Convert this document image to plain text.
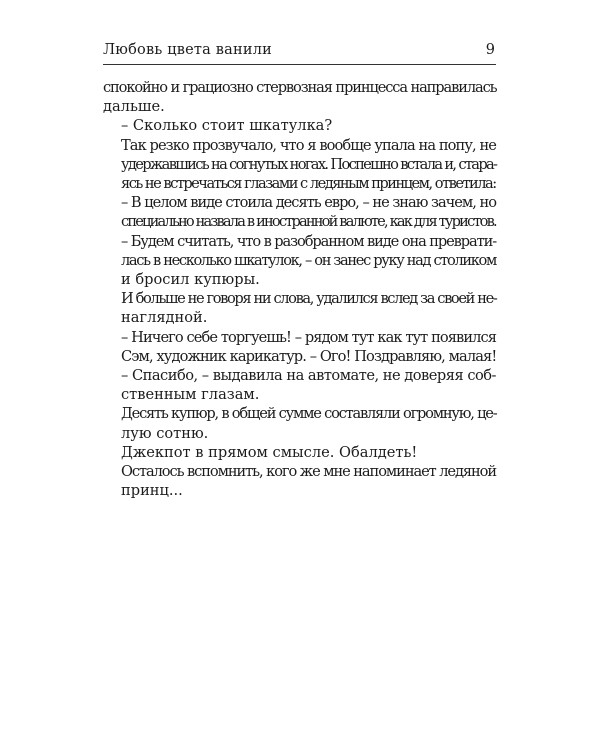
Любовь цвета ванили	9

спокойно и грациозно стервозная принцесса направилась
дальше.

– Сколько стоит шкатулка?

Так резко прозвучало, что я вообще упала на попу, не
удержавшись на согнутых ногах. Поспешно встала и, стара-
ясь не встречаться глазами с ледяным принцем, ответила:

– В целом виде стоила десять евро, – не знаю зачем, но
специально назвала в иностранной валюте, как для туристов.

– Будем считать, что в разобранном виде она преврати-
лась в несколько шкатулок, – он занес руку над столиком
и бросил купюры.

И больше не говоря ни слова, удалился вслед за своей не-
наглядной.

– Ничего себе торгуешь! – рядом тут как тут появился
Сэм, художник карикатур. – Ого! Поздравляю, малая!

– Спасибо, – выдавила на автомате, не доверяя соб-
ственным глазам.

Десять купюр, в общей сумме составляли огромную, це-
лую сотню.

Джекпот в прямом смысле. Обалдеть!

Осталось вспомнить, кого же мне напоминает ледяной
принц...
